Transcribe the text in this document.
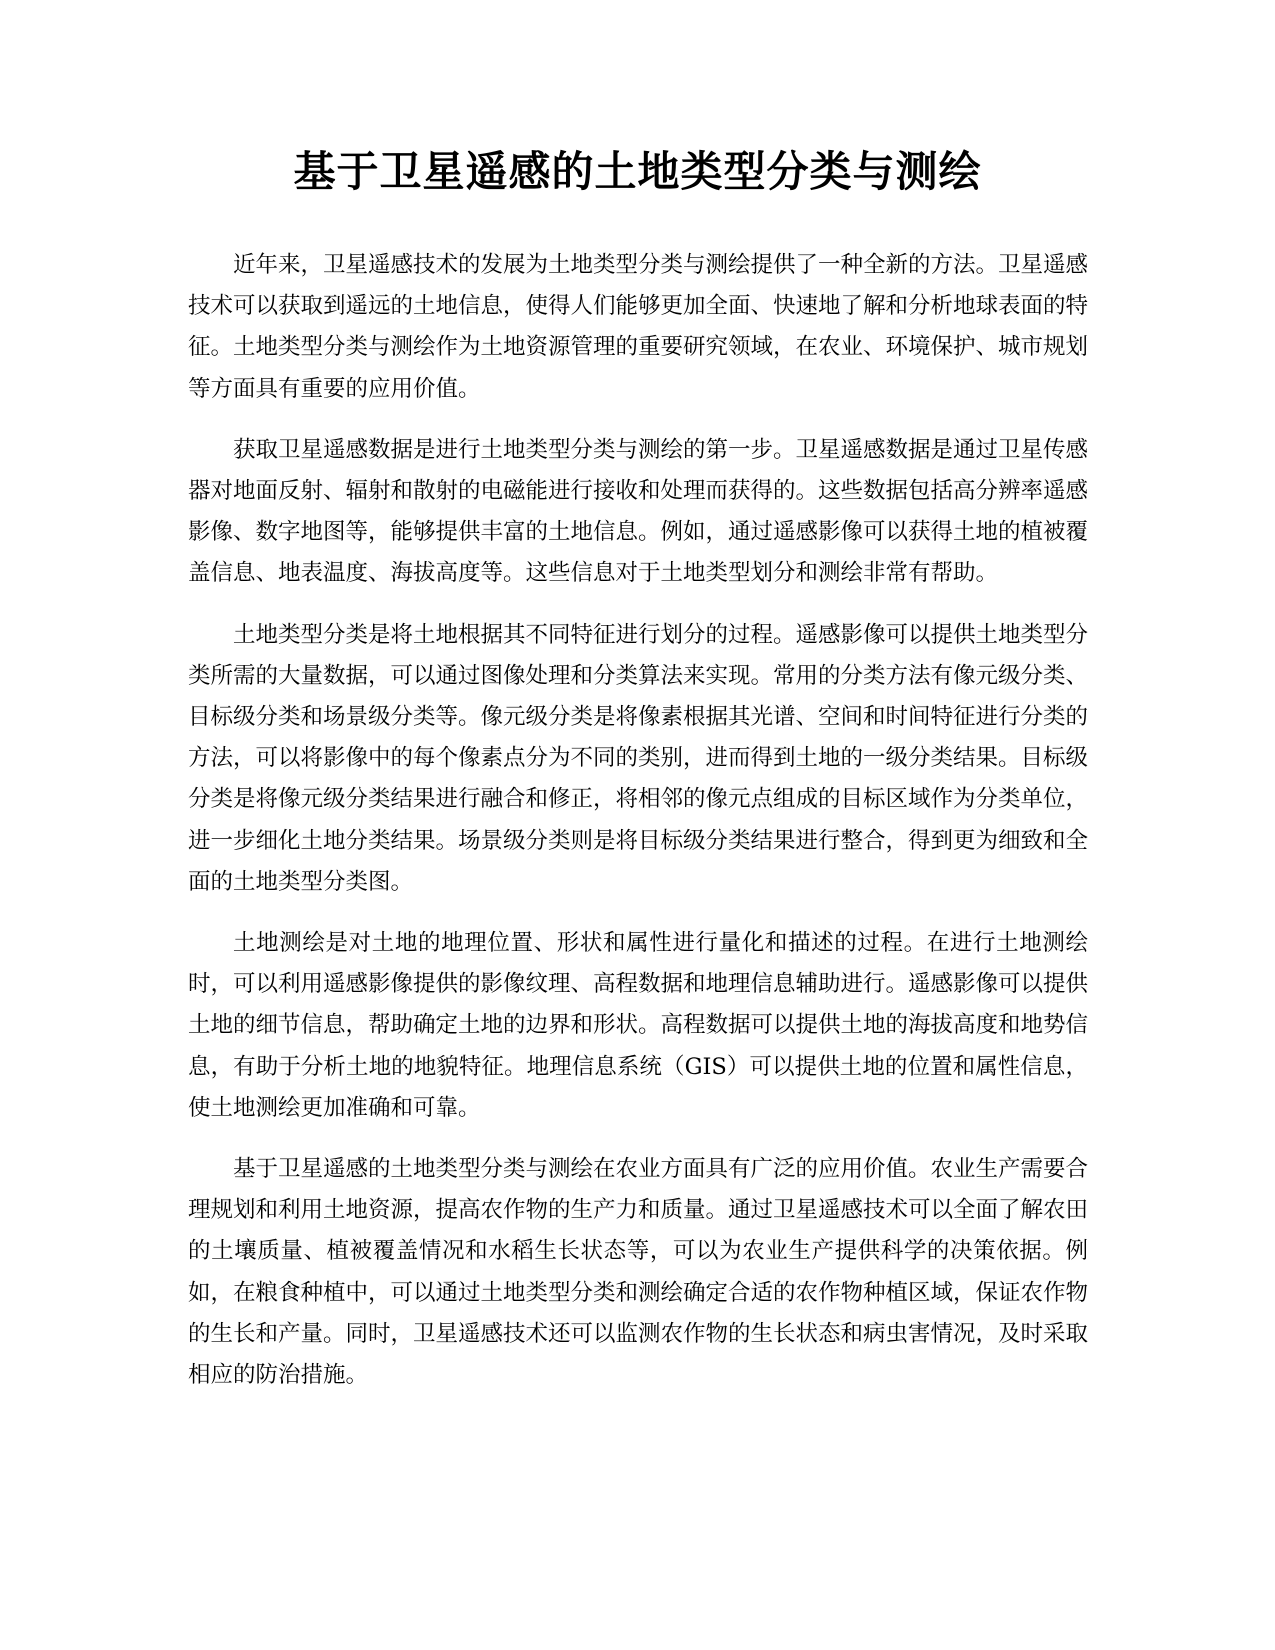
基于卫星遥感的土地类型分类与测绘

近年来，卫星遥感技术的发展为土地类型分类与测绘提供了一种全新的方法。卫星遥感技术可以获取到遥远的土地信息，使得人们能够更加全面、快速地了解和分析地球表面的特征。土地类型分类与测绘作为土地资源管理的重要研究领域，在农业、环境保护、城市规划等方面具有重要的应用价值。

获取卫星遥感数据是进行土地类型分类与测绘的第一步。卫星遥感数据是通过卫星传感器对地面反射、辐射和散射的电磁能进行接收和处理而获得的。这些数据包括高分辨率遥感影像、数字地图等，能够提供丰富的土地信息。例如，通过遥感影像可以获得土地的植被覆盖信息、地表温度、海拔高度等。这些信息对于土地类型划分和测绘非常有帮助。

土地类型分类是将土地根据其不同特征进行划分的过程。遥感影像可以提供土地类型分类所需的大量数据，可以通过图像处理和分类算法来实现。常用的分类方法有像元级分类、目标级分类和场景级分类等。像元级分类是将像素根据其光谱、空间和时间特征进行分类的方法，可以将影像中的每个像素点分为不同的类别，进而得到土地的一级分类结果。目标级分类是将像元级分类结果进行融合和修正，将相邻的像元点组成的目标区域作为分类单位，进一步细化土地分类结果。场景级分类则是将目标级分类结果进行整合，得到更为细致和全面的土地类型分类图。

土地测绘是对土地的地理位置、形状和属性进行量化和描述的过程。在进行土地测绘时，可以利用遥感影像提供的影像纹理、高程数据和地理信息辅助进行。遥感影像可以提供土地的细节信息，帮助确定土地的边界和形状。高程数据可以提供土地的海拔高度和地势信息，有助于分析土地的地貌特征。地理信息系统（GIS）可以提供土地的位置和属性信息，使土地测绘更加准确和可靠。

基于卫星遥感的土地类型分类与测绘在农业方面具有广泛的应用价值。农业生产需要合理规划和利用土地资源，提高农作物的生产力和质量。通过卫星遥感技术可以全面了解农田的土壤质量、植被覆盖情况和水稻生长状态等，可以为农业生产提供科学的决策依据。例如，在粮食种植中，可以通过土地类型分类和测绘确定合适的农作物种植区域，保证农作物的生长和产量。同时，卫星遥感技术还可以监测农作物的生长状态和病虫害情况，及时采取相应的防治措施。
